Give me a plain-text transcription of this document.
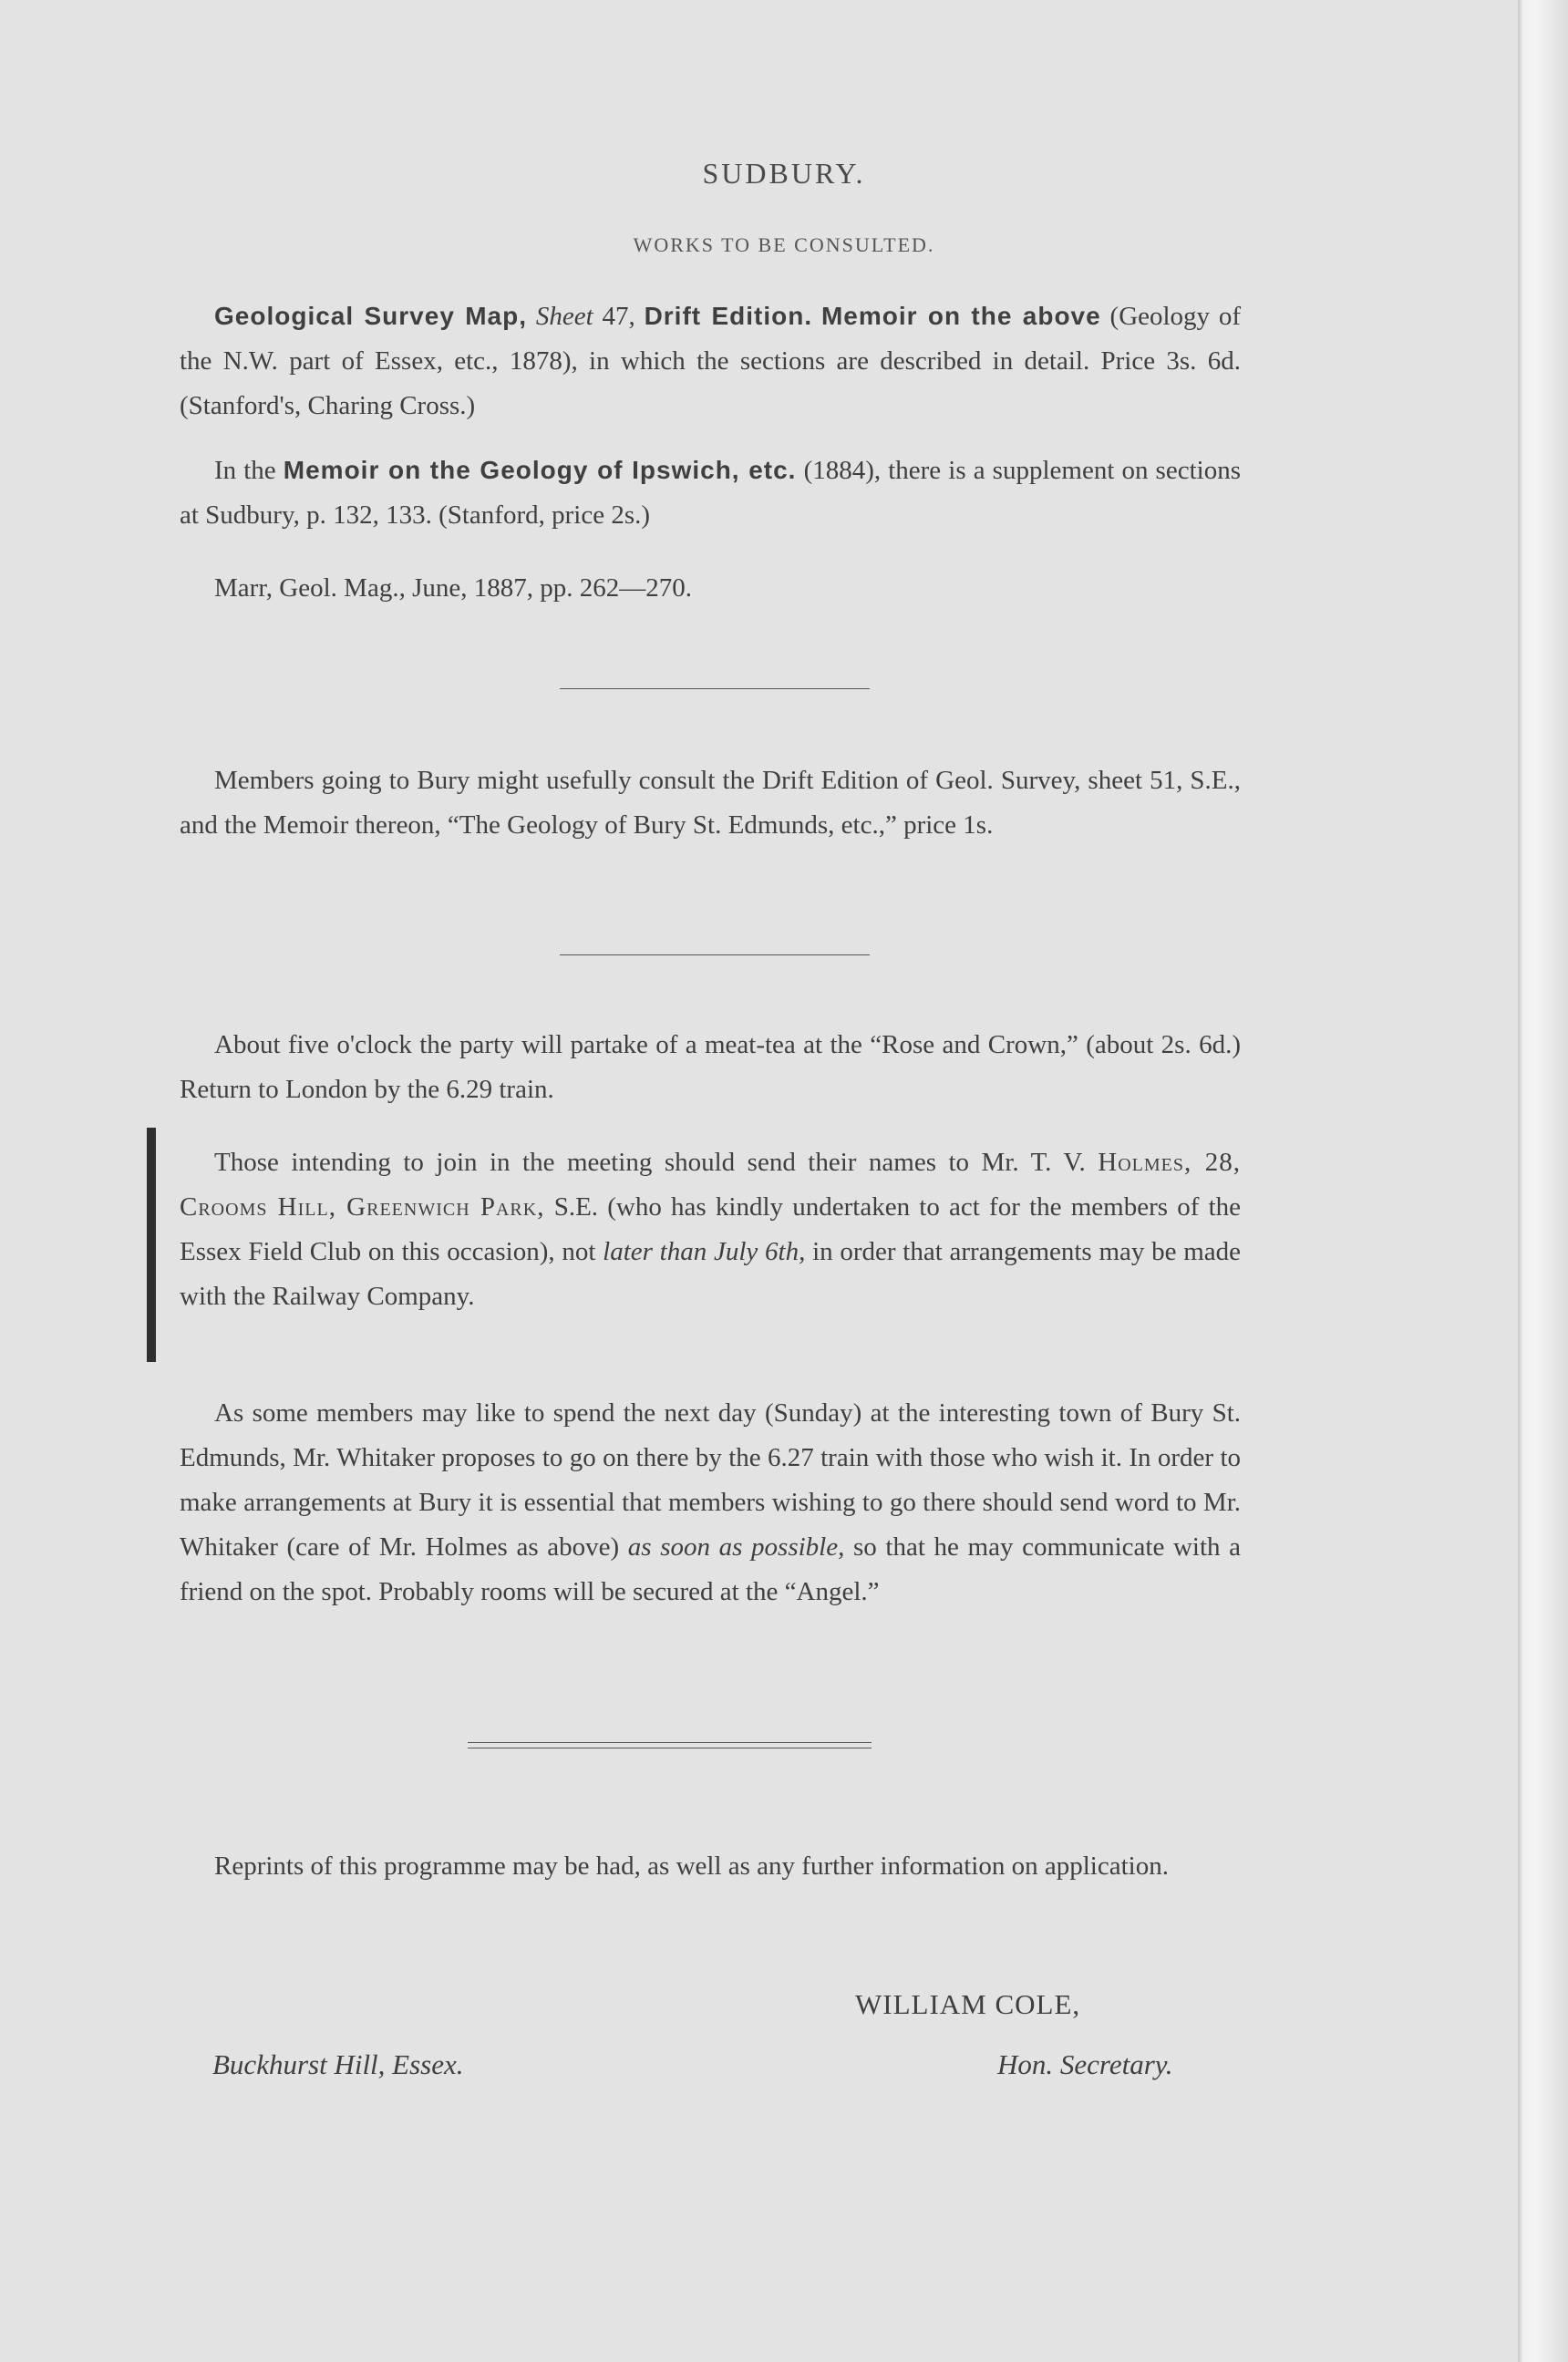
SUDBURY.

WORKS TO BE CONSULTED.

Geological Survey Map, Sheet 47, Drift Edition. Memoir on the above (Geology of the N.W. part of Essex, etc., 1878), in which the sections are described in detail. Price 3s. 6d. (Stanford's, Charing Cross.)

In the Memoir on the Geology of Ipswich, etc. (1884), there is a supplement on sections at Sudbury, p. 132, 133. (Stanford, price 2s.)

Marr, Geol. Mag., June, 1887, pp. 262—270.

Members going to Bury might usefully consult the Drift Edition of Geol. Survey, sheet 51, S.E., and the Memoir thereon, “The Geology of Bury St. Edmunds, etc.,” price 1s.

About five o'clock the party will partake of a meat-tea at the “Rose and Crown,” (about 2s. 6d.) Return to London by the 6.29 train.

Those intending to join in the meeting should send their names to Mr. T. V. Holmes, 28, Crooms Hill, Greenwich Park, S.E. (who has kindly undertaken to act for the members of the Essex Field Club on this occasion), not later than July 6th, in order that arrangements may be made with the Railway Company.

As some members may like to spend the next day (Sunday) at the interesting town of Bury St. Edmunds, Mr. Whitaker proposes to go on there by the 6.27 train with those who wish it. In order to make arrangements at Bury it is essential that members wishing to go there should send word to Mr. Whitaker (care of Mr. Holmes as above) as soon as possible, so that he may communicate with a friend on the spot. Probably rooms will be secured at the “Angel.”

Reprints of this programme may be had, as well as any further information on application.

WILLIAM COLE,
Buckhurst Hill, Essex.	Hon. Secretary.
